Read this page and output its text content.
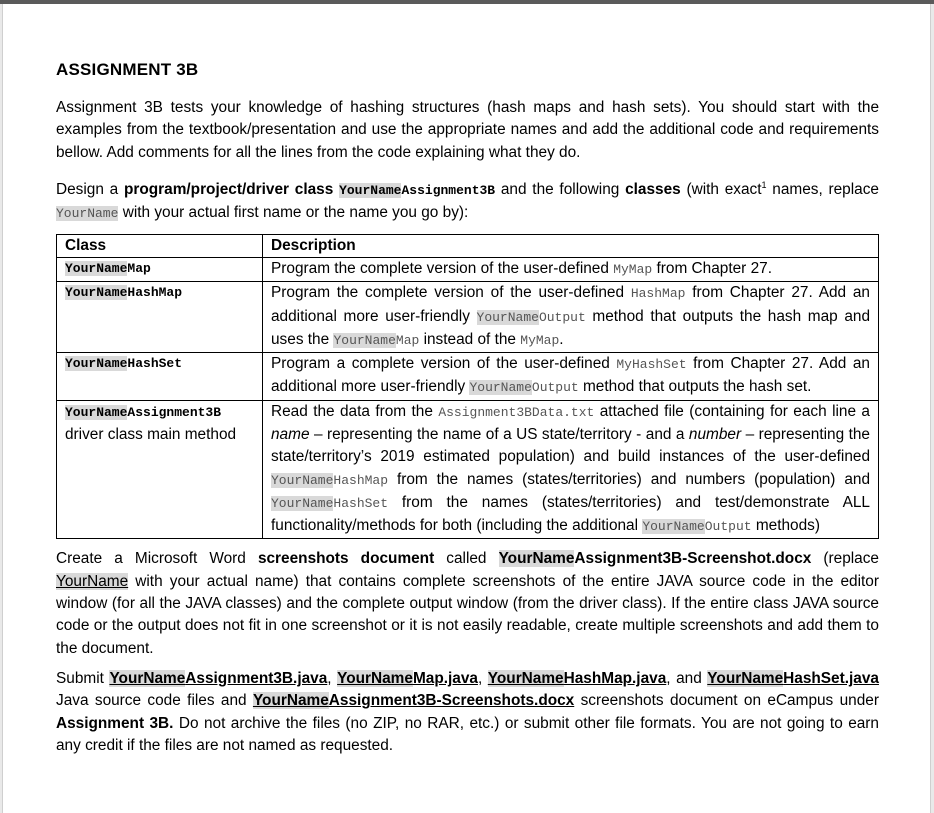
ASSIGNMENT 3B

Assignment 3B tests your knowledge of hashing structures (hash maps and hash sets). You should start with the examples from the textbook/presentation and use the appropriate names and add the additional code and requirements bellow. Add comments for all the lines from the code explaining what they do.

Design a program/project/driver class YourNameAssignment3B and the following classes (with exact$^1$ names, replace YourName with your actual first name or the name you go by):

Class	Description
YourNameMap	Program the complete version of the user-defined MyMap from Chapter 27.
YourNameHashMap	Program the complete version of the user-defined HashMap from Chapter 27. Add an additional more user-friendly YourNameOutput method that outputs the hash map and uses the YourNameMap instead of the MyMap.
YourNameHashSet	Program a complete version of the user-defined MyHashSet from Chapter 27. Add an additional more user-friendly YourNameOutput method that outputs the hash set.
YourNameAssignment3B
driver class main method	Read the data from the Assignment3BData.txt attached file (containing for each line a name – representing the name of a US state/territory - and a number – representing the state/territory’s 2019 estimated population) and build instances of the user-defined YourNameHashMap from the names (states/territories) and numbers (population) and YourNameHashSet from the names (states/territories) and test/demonstrate ALL functionality/methods for both (including the additional YourNameOutput methods)

Create a Microsoft Word screenshots document called YourNameAssignment3B-Screenshot.docx (replace YourName with your actual name) that contains complete screenshots of the entire JAVA source code in the editor window (for all the JAVA classes) and the complete output window (from the driver class). If the entire class JAVA source code or the output does not fit in one screenshot or it is not easily readable, create multiple screenshots and add them to the document.

Submit YourNameAssignment3B.java, YourNameMap.java, YourNameHashMap.java, and YourNameHashSet.java Java source code files and YourNameAssignment3B-Screenshots.docx screenshots document on eCampus under Assignment 3B. Do not archive the files (no ZIP, no RAR, etc.) or submit other file formats. You are not going to earn any credit if the files are not named as requested.
